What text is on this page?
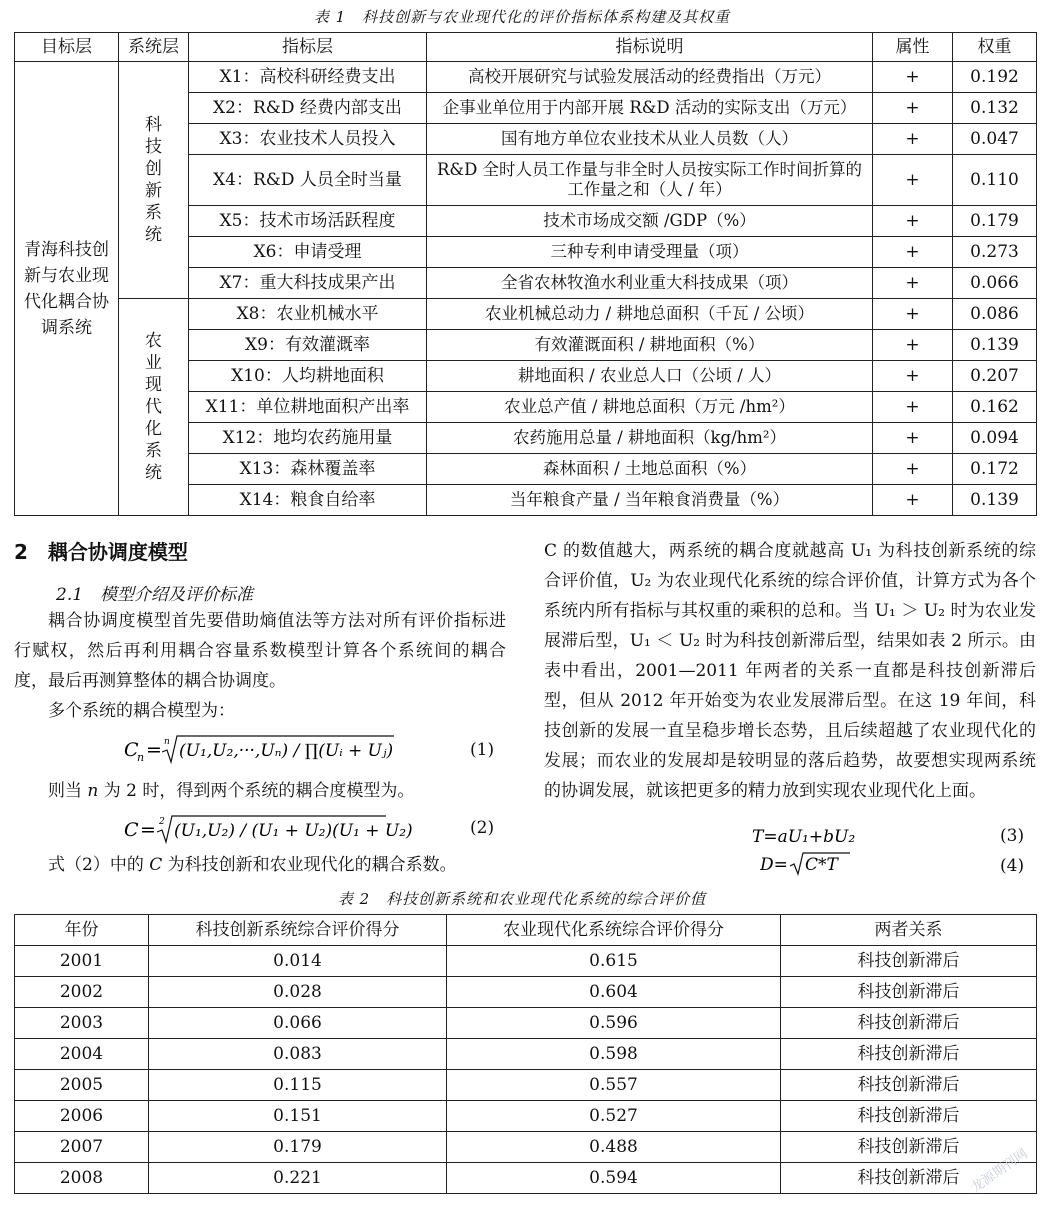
表 1　科技创新与农业现代化的评价指标体系构建及其权重
目标层	系统层	指标层	指标说明	属性	权重
青海科技创新与农业现代化耦合协调系统	科技创新系统	X1：高校科研经费支出	高校开展研究与试验发展活动的经费指出（万元）	+	0.192
		X2：R&D 经费内部支出	企事业单位用于内部开展 R&D 活动的实际支出（万元）	+	0.132
		X3：农业技术人员投入	国有地方单位农业技术从业人员数（人）	+	0.047
		X4：R&D 人员全时当量	R&D 全时人员工作量与非全时人员按实际工作时间折算的工作量之和（人 / 年）	+	0.110
		X5：技术市场活跃程度	技术市场成交额 /GDP（%）	+	0.179
		X6：申请受理	三种专利申请受理量（项）	+	0.273
		X7：重大科技成果产出	全省农林牧渔水利业重大科技成果（项）	+	0.066
	农业现代化系统	X8：农业机械水平	农业机械总动力 / 耕地总面积（千瓦 / 公顷）	+	0.086
		X9：有效灌溉率	有效灌溉面积 / 耕地面积（%）	+	0.139
		X10：人均耕地面积	耕地面积 / 农业总人口（公顷 / 人）	+	0.207
		X11：单位耕地面积产出率	农业总产值 / 耕地总面积（万元 /hm²）	+	0.162
		X12：地均农药施用量	农药施用总量 / 耕地面积（kg/hm²）	+	0.094
		X13：森林覆盖率	森林面积 / 土地总面积（%）	+	0.172
		X14：粮食自给率	当年粮食产量 / 当年粮食消费量（%）	+	0.139
2　耦合协调度模型
2.1　模型介绍及评价标准
耦合协调度模型首先要借助熵值法等方法对所有评价指标进行赋权，然后再利用耦合容量系数模型计算各个系统间的耦合度，最后再测算整体的耦合协调度。
多个系统的耦合模型为：
C
n = n (U₁,U₂,···,Uₙ) / ∏(Uᵢ + Uⱼ)	(1)
则当 n 为 2 时，得到两个系统的耦合度模型为。
C = 2 (U₁,U₂) / (U₁ + U₂)(U₁ + U₂)	(2)
式（2）中的 C 为科技创新和农业现代化的耦合系数。
C 的数值越大，两系统的耦合度就越高 U₁ 为科技创新系统的综合评价值，U₂ 为农业现代化系统的综合评价值，计算方式为各个系统内所有指标与其权重的乘积的总和。当 U₁ ＞ U₂ 时为农业发展滞后型，U₁ ＜ U₂ 时为科技创新滞后型，结果如表 2 所示。由表中看出，2001—2011 年两者的关系一直都是科技创新滞后型，但从 2012 年开始变为农业发展滞后型。在这 19 年间，科技创新的发展一直呈稳步增长态势，且后续超越了农业现代化的发展；而农业的发展却是较明显的落后趋势，故要想实现两系统的协调发展，就该把更多的精力放到实现农业现代化上面。
T=aU₁+bU₂	(3)
D= C*T	(4)
表 2　科技创新系统和农业现代化系统的综合评价值
年份	科技创新系统综合评价得分	农业现代化系统综合评价得分	两者关系
2001	0.014	0.615	科技创新滞后
2002	0.028	0.604	科技创新滞后
2003	0.066	0.596	科技创新滞后
2004	0.083	0.598	科技创新滞后
2005	0.115	0.557	科技创新滞后
2006	0.151	0.527	科技创新滞后
2007	0.179	0.488	科技创新滞后
2008	0.221	0.594	科技创新滞后 龙源期刊网
